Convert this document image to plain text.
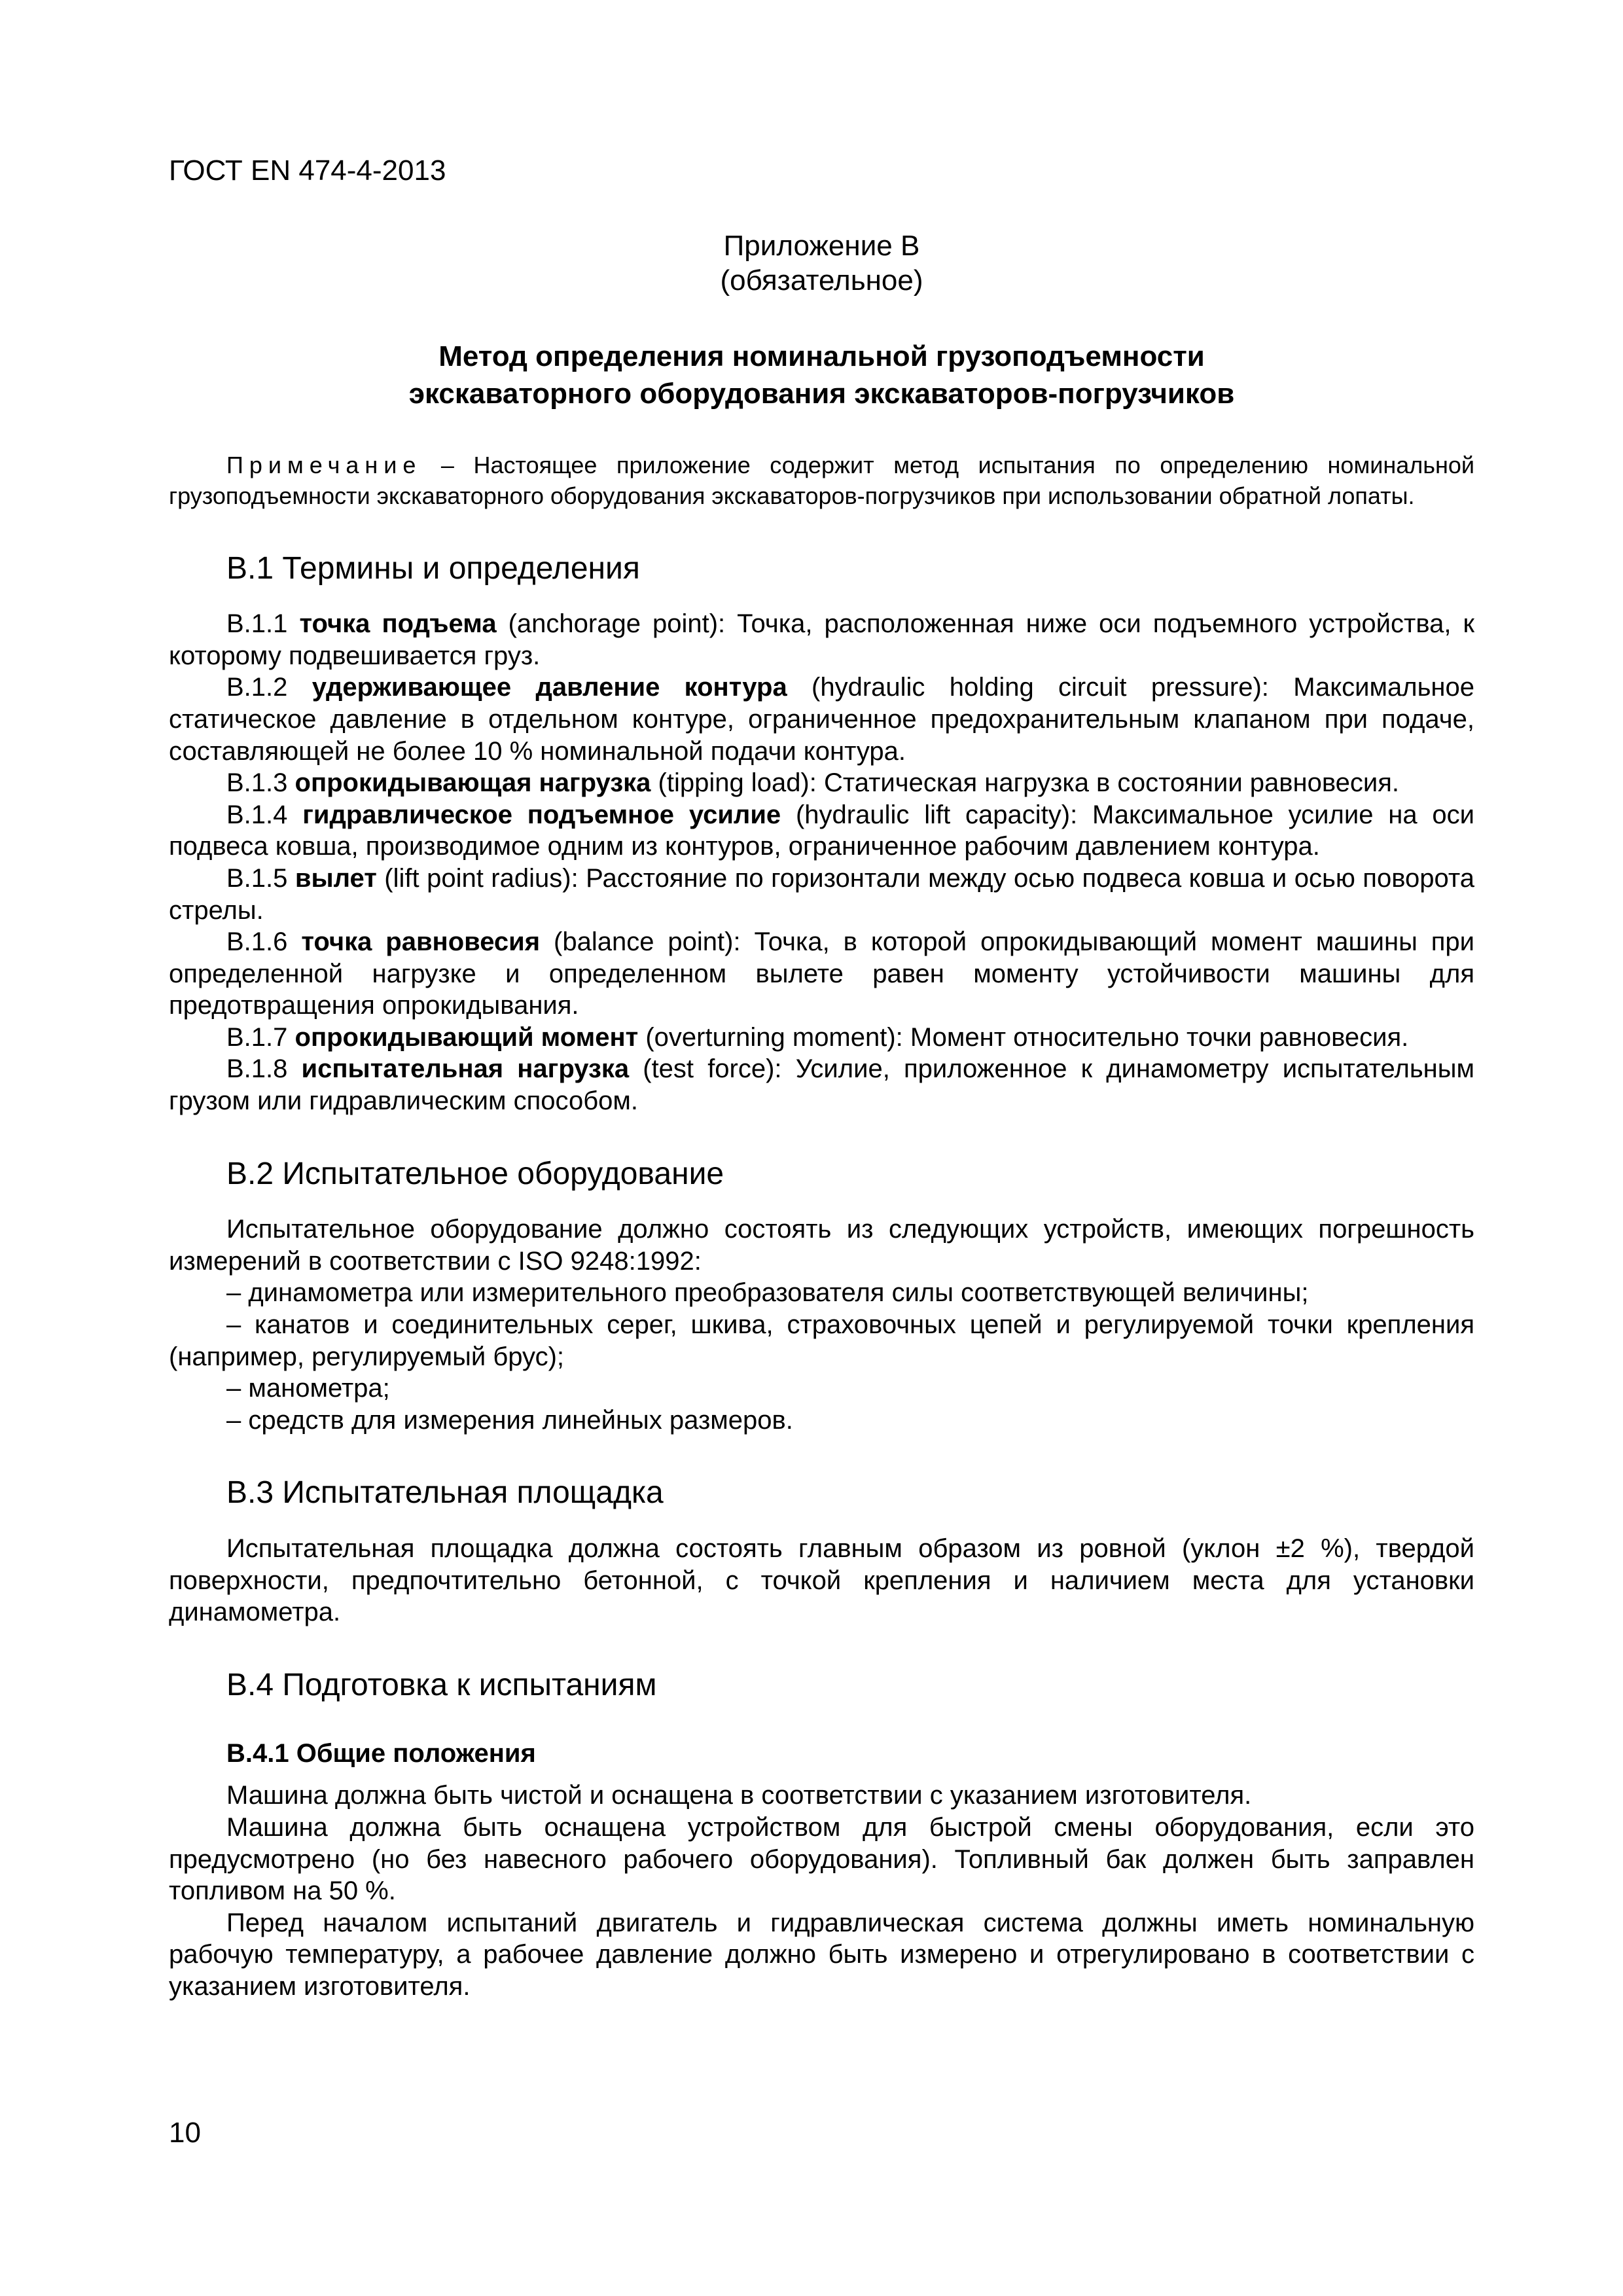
ГОСТ EN 474-4-2013
Приложение В
(обязательное)
Метод определения номинальной грузоподъемности
экскаваторного оборудования экскаваторов-погрузчиков

Примечание – Настоящее приложение содержит метод испытания по определению номинальной грузоподъемности экскаваторного оборудования экскаваторов-погрузчиков при использовании обратной лопаты.

В.1 Термины и определения

В.1.1 точка подъема (anchorage point): Точка, расположенная ниже оси подъемного устройства, к которому подвешивается груз.

В.1.2 удерживающее давление контура (hydraulic holding circuit pressure): Максимальное статическое давление в отдельном контуре, ограниченное предохранительным клапаном при подаче, составляющей не более 10 % номинальной подачи контура.

В.1.3 опрокидывающая нагрузка (tipping load): Статическая нагрузка в состоянии равновесия.

В.1.4 гидравлическое подъемное усилие (hydraulic lift capacity): Максимальное усилие на оси подвеса ковша, производимое одним из контуров, ограниченное рабочим давлением контура.

В.1.5 вылет (lift point radius): Расстояние по горизонтали между осью подвеса ковша и осью поворота стрелы.

В.1.6 точка равновесия (balance point): Точка, в которой опрокидывающий момент машины при определенной нагрузке и определенном вылете равен моменту устойчивости машины для предотвращения опрокидывания.

В.1.7 опрокидывающий момент (overturning moment): Момент относительно точки равновесия.

В.1.8 испытательная нагрузка (test force): Усилие, приложенное к динамометру испытательным грузом или гидравлическим способом.

В.2 Испытательное оборудование

Испытательное оборудование должно состоять из следующих устройств, имеющих погрешность измерений в соответствии с ISO 9248:1992:

– динамометра или измерительного преобразователя силы соответствующей величины;

– канатов и соединительных серег, шкива, страховочных цепей и регулируемой точки крепления (например, регулируемый брус);

– манометра;

– средств для измерения линейных размеров.

В.3 Испытательная площадка

Испытательная площадка должна состоять главным образом из ровной (уклон ±2 %), твердой поверхности, предпочтительно бетонной, с точкой крепления и наличием места для установки динамометра.

В.4 Подготовка к испытаниям
В.4.1 Общие положения

Машина должна быть чистой и оснащена в соответствии с указанием изготовителя.

Машина должна быть оснащена устройством для быстрой смены оборудования, если это предусмотрено (но без навесного рабочего оборудования). Топливный бак должен быть заправлен топливом на 50 %.

Перед началом испытаний двигатель и гидравлическая система должны иметь номинальную рабочую температуру, а рабочее давление должно быть измерено и отрегулировано в соответствии с указанием изготовителя.

10
